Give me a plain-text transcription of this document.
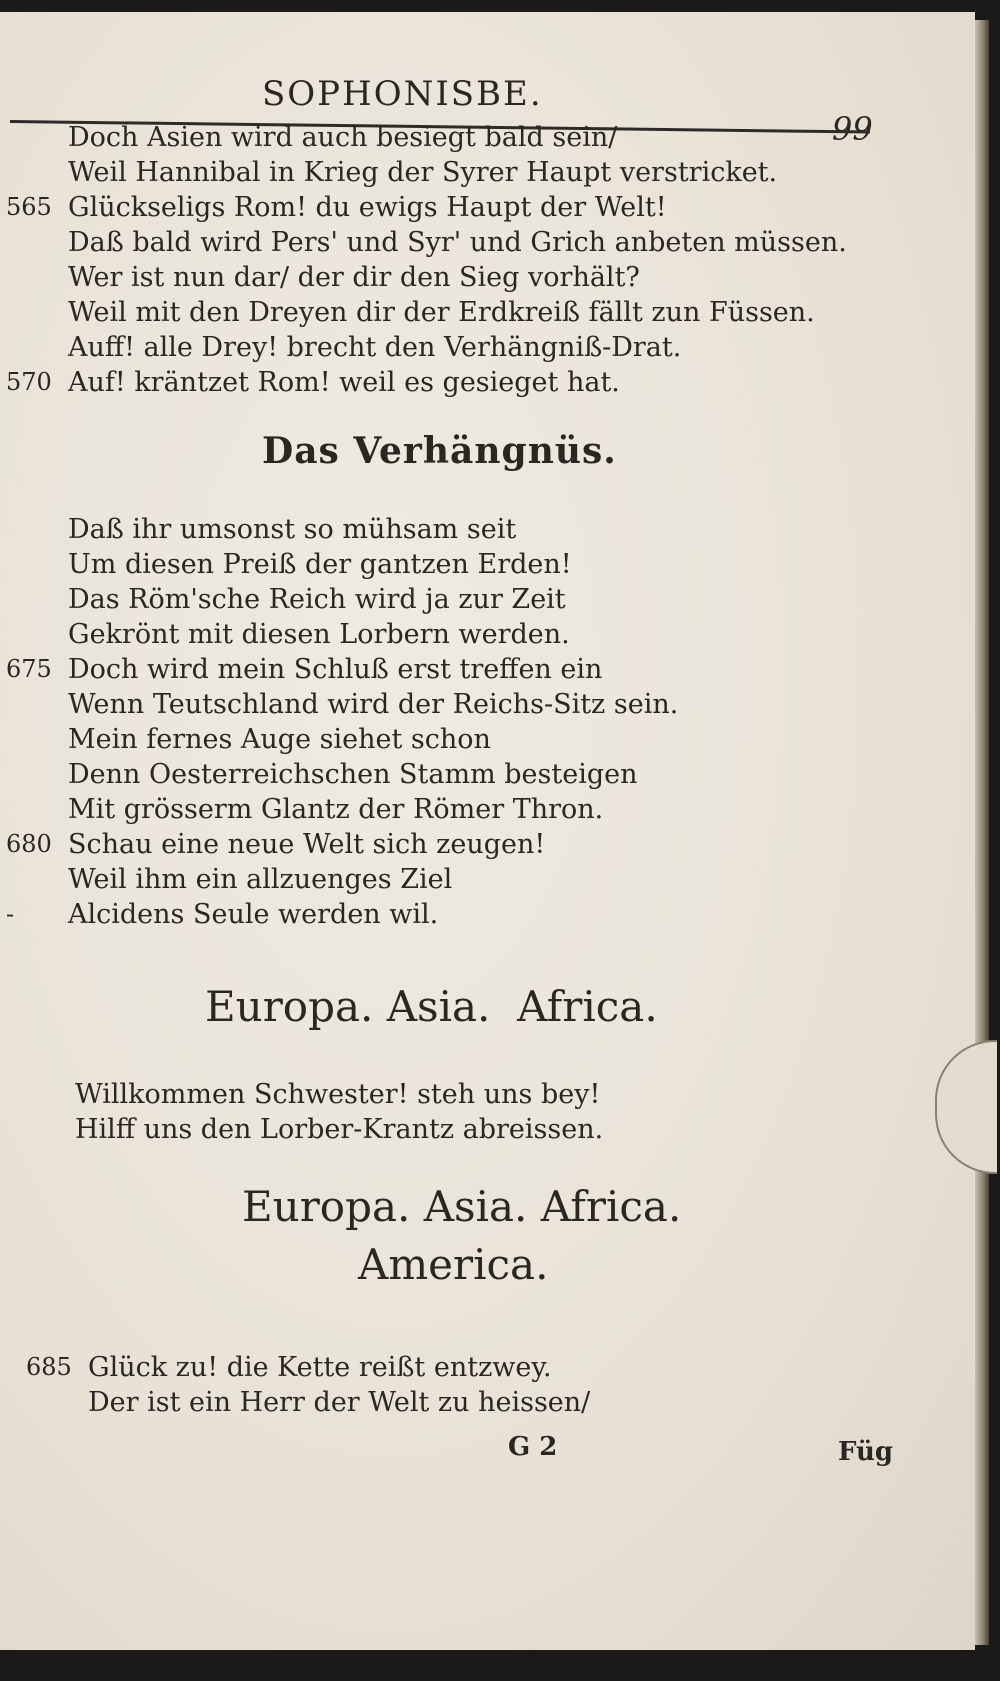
SOPHONISBE.
99
Doch Asien wird auch besiegt bald sein/
Weil Hannibal in Krieg der Syrer Haupt verstricket.
565 Glückseligs Rom! du ewigs Haupt der Welt!
Daß bald wird Pers' und Syr' und Grich anbeten müssen.
Wer ist nun dar/ der dir den Sieg vorhält?
Weil mit den Dreyen dir der Erdkreiß fällt zun Füssen.
Auff! alle Drey! brecht den Verhängniß-Drat.
570 Auf! kräntzet Rom! weil es gesieget hat.
Das Verhängnüs.
Daß ihr umsonst so mühsam seit
Um diesen Preiß der gantzen Erden!
Das Röm'sche Reich wird ja zur Zeit
Gekrönt mit diesen Lorbern werden.
675 Doch wird mein Schluß erst treffen ein
Wenn Teutschland wird der Reichs-Sitz sein.
Mein fernes Auge siehet schon
Denn Oesterreichschen Stamm besteigen
Mit grösserm Glantz der Römer Thron.
680 Schau eine neue Welt sich zeugen!
Weil ihm ein allzuenges Ziel
- Alcidens Seule werden wil.
Europa. Asia.  Africa.
Willkommen Schwester! steh uns bey!
Hilff uns den Lorber-Krantz abreissen.
Europa. Asia. Africa.
America.
685 Glück zu! die Kette reißt entzwey.
Der ist ein Herr der Welt zu heissen/
G 2	Füg
